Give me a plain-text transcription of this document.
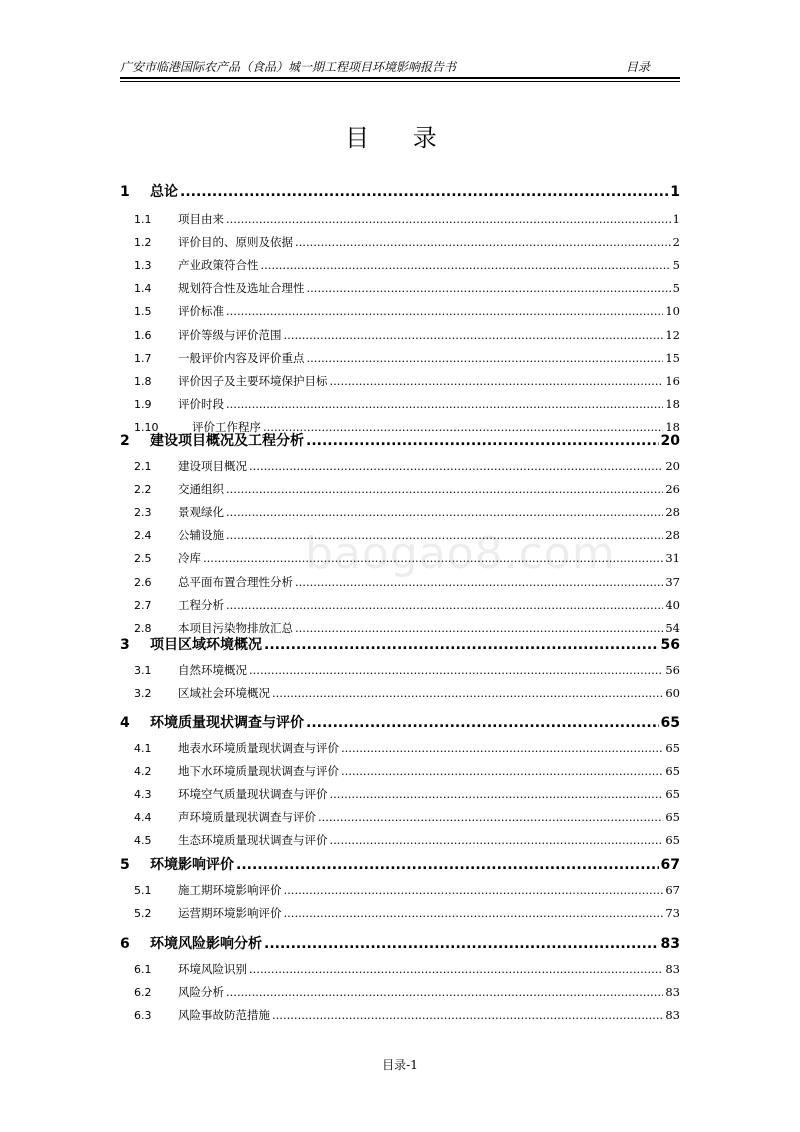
广安市临港国际农产品（食品）城一期工程项目环境影响报告书	目录
目 录
baogao8.com
1	总论 .....	1
1.1	项目由来 .....	1
1.2	评价目的、原则及依据 .....	2
1.3	产业政策符合性 .....	5
1.4	规划符合性及选址合理性 .....	5
1.5	评价标准 .....	10
1.6	评价等级与评价范围 .....	12
1.7	一般评价内容及评价重点 .....	15
1.8	评价因子及主要环境保护目标 .....	16
1.9	评价时段 .....	18
1.10	评价工作程序 .....	18
2	建设项目概况及工程分析 .....	20
2.1	建设项目概况 .....	20
2.2	交通组织 .....	26
2.3	景观绿化 .....	28
2.4	公辅设施 .....	28
2.5	冷库 .....	31
2.6	总平面布置合理性分析 .....	37
2.7	工程分析 .....	40
2.8	本项目污染物排放汇总 .....	54
3	项目区域环境概况 .....	56
3.1	自然环境概况 .....	56
3.2	区域社会环境概况 .....	60
4	环境质量现状调查与评价 .....	65
4.1	地表水环境质量现状调查与评价 .....	65
4.2	地下水环境质量现状调查与评价 .....	65
4.3	环境空气质量现状调查与评价 .....	65
4.4	声环境质量现状调查与评价 .....	65
4.5	生态环境质量现状调查与评价 .....	65
5	环境影响评价 .....	67
5.1	施工期环境影响评价 .....	67
5.2	运营期环境影响评价 .....	73
6	环境风险影响分析 .....	83
6.1	环境风险识别 .....	83
6.2	风险分析 .....	83
6.3	风险事故防范措施 .....	83
目录-1
